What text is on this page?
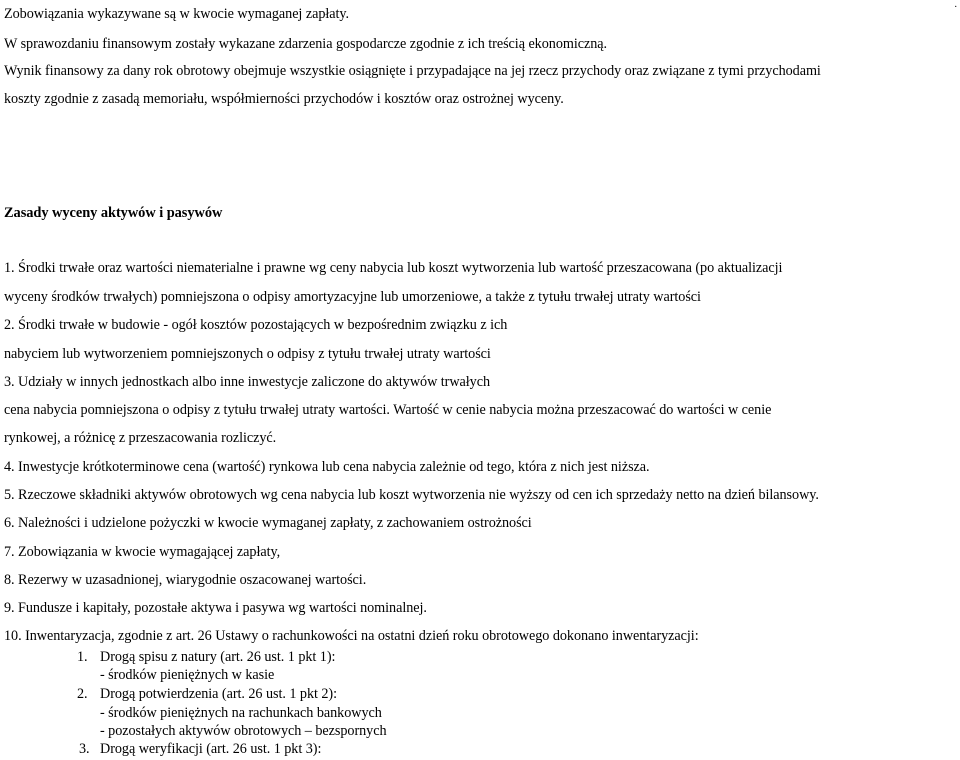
.
Zobowiązania wykazywane są w kwocie wymaganej zapłaty.
W sprawozdaniu finansowym zostały wykazane zdarzenia gospodarcze zgodnie z ich treścią ekonomiczną.
Wynik finansowy za dany rok obrotowy obejmuje wszystkie osiągnięte i przypadające na jej rzecz przychody oraz związane z tymi przychodami
koszty zgodnie z zasadą memoriału, współmierności przychodów i kosztów oraz ostrożnej wyceny.
Zasady wyceny aktywów i pasywów
1. Środki trwałe oraz wartości niematerialne i prawne wg ceny nabycia lub koszt wytworzenia lub wartość przeszacowana (po aktualizacji
wyceny środków trwałych) pomniejszona o odpisy amortyzacyjne lub umorzeniowe, a także z tytułu trwałej utraty wartości
2. Środki trwałe w budowie - ogół kosztów pozostających w bezpośrednim związku z ich
nabyciem lub wytworzeniem pomniejszonych o odpisy z tytułu trwałej utraty wartości
3. Udziały w innych jednostkach albo inne inwestycje zaliczone do aktywów trwałych
cena nabycia pomniejszona o odpisy z tytułu trwałej utraty wartości. Wartość w cenie nabycia można przeszacować do wartości w cenie
rynkowej, a różnicę z przeszacowania rozliczyć.
4. Inwestycje krótkoterminowe cena (wartość) rynkowa lub cena nabycia zależnie od tego, która z nich jest niższa.
5. Rzeczowe składniki aktywów obrotowych wg cena nabycia lub koszt wytworzenia nie wyższy od cen ich sprzedaży netto na dzień bilansowy.
6. Należności i udzielone pożyczki w kwocie wymaganej zapłaty, z zachowaniem ostrożności
7. Zobowiązania w kwocie wymagającej zapłaty,
8. Rezerwy w uzasadnionej, wiarygodnie oszacowanej wartości.
9. Fundusze i kapitały, pozostałe aktywa i pasywa wg wartości nominalnej.
10. Inwentaryzacja, zgodnie z art. 26 Ustawy o rachunkowości na ostatni dzień roku obrotowego dokonano inwentaryzacji:
1. Drogą spisu z natury (art. 26 ust. 1 pkt 1):
- środków pieniężnych w kasie
2. Drogą potwierdzenia (art. 26 ust. 1 pkt 2):
- środków pieniężnych na rachunkach bankowych
- pozostałych aktywów obrotowych – bezspornych
3. Drogą weryfikacji (art. 26 ust. 1 pkt 3):
